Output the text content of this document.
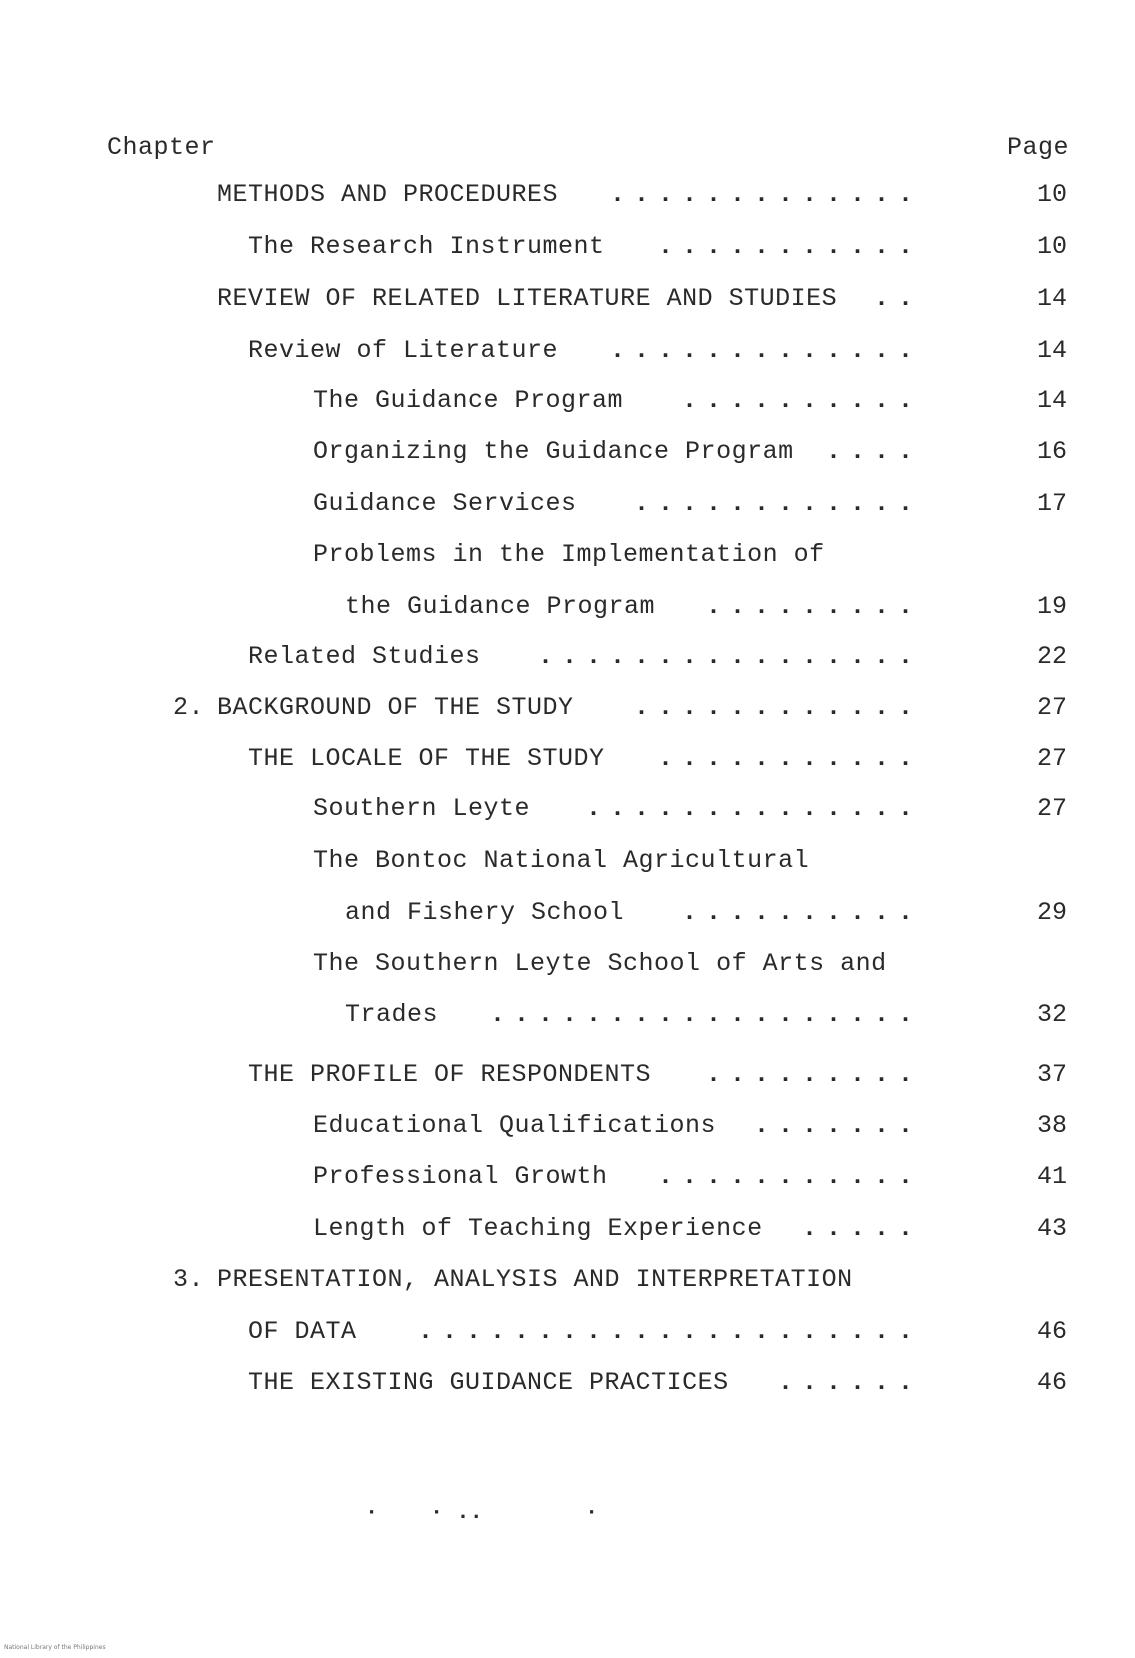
Chapter	Page
METHODS AND PROCEDURES .............	10
The Research Instrument ...........	10
REVIEW OF RELATED LITERATURE AND STUDIES ..	14
Review of Literature .............	14
The Guidance Program ..........	14
Organizing the Guidance Program ....	16
Guidance Services ............	17
Problems in the Implementation of
the Guidance Program .........	19
Related Studies ................	22
2. BACKGROUND OF THE STUDY ............	27
THE LOCALE OF THE STUDY ...........	27
Southern Leyte ..............	27
The Bontoc National Agricultural
and Fishery School ..........	29
The Southern Leyte School of Arts and
Trades ..................	32
THE PROFILE OF RESPONDENTS .........	37
Educational Qualifications .......	38
Professional Growth ...........	41
Length of Teaching Experience .....	43
3. PRESENTATION, ANALYSIS AND INTERPRETATION
OF DATA .....................	46
THE EXISTING GUIDANCE PRACTICES ......	46
· · ..	·
National Library of the Philippines
